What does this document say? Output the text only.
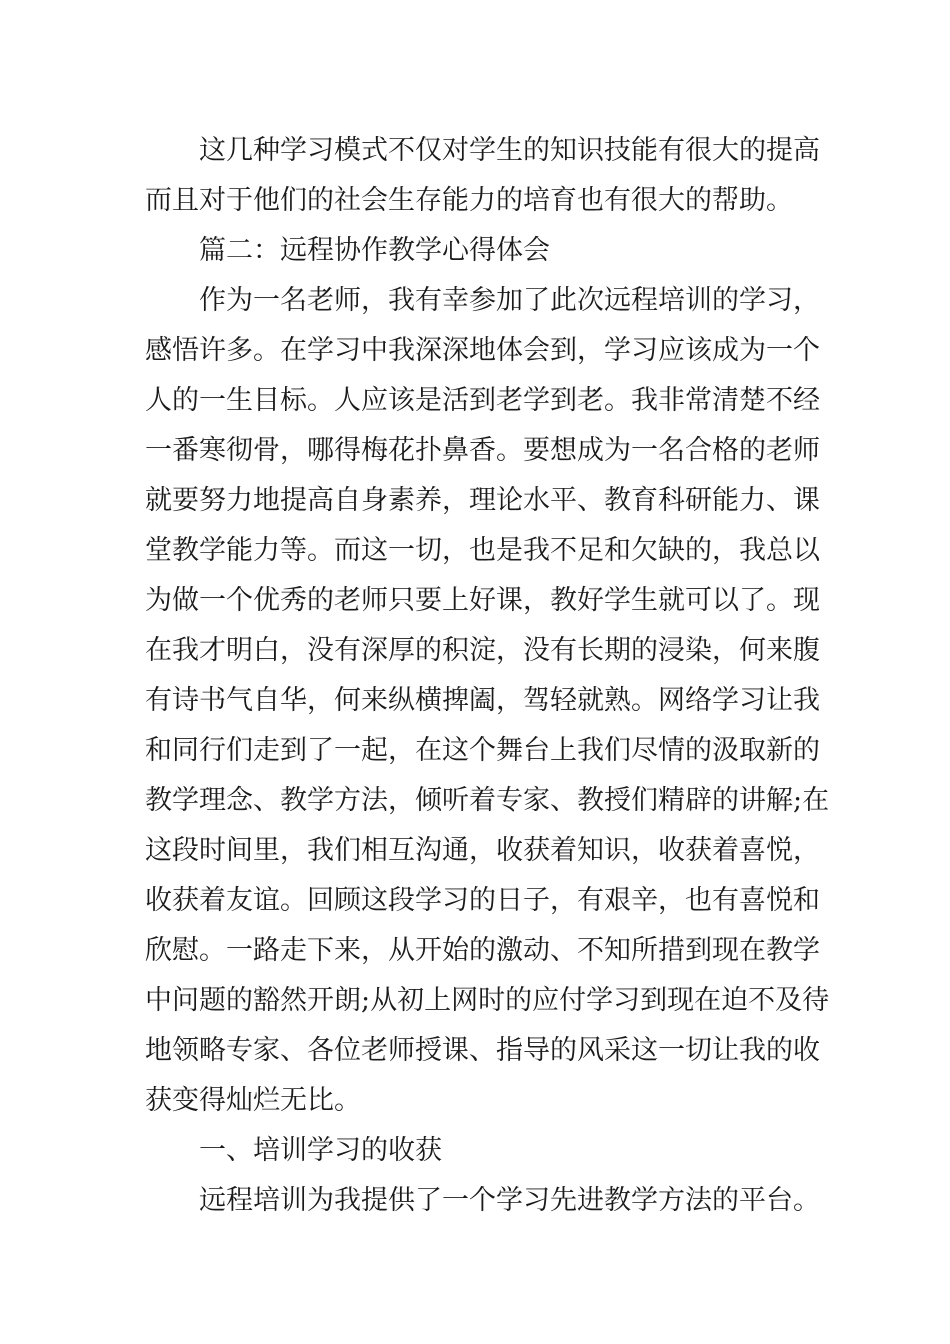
这几种学习模式不仅对学生的知识技能有很大的提高
而且对于他们的社会生存能力的培育也有很大的帮助。
篇二：远程协作教学心得体会
作为一名老师，我有幸参加了此次远程培训的学习，
感悟许多。在学习中我深深地体会到，学习应该成为一个
人的一生目标。人应该是活到老学到老。我非常清楚不经
一番寒彻骨，哪得梅花扑鼻香。要想成为一名合格的老师
就要努力地提高自身素养，理论水平、教育科研能力、课
堂教学能力等。而这一切，也是我不足和欠缺的，我总以
为做一个优秀的老师只要上好课，教好学生就可以了。现
在我才明白，没有深厚的积淀，没有长期的浸染，何来腹
有诗书气自华，何来纵横捭阖，驾轻就熟。网络学习让我
和同行们走到了一起，在这个舞台上我们尽情的汲取新的
教学理念、教学方法，倾听着专家、教授们精辟的讲解;在
这段时间里，我们相互沟通，收获着知识，收获着喜悦，
收获着友谊。回顾这段学习的日子，有艰辛，也有喜悦和
欣慰。一路走下来，从开始的激动、不知所措到现在教学
中问题的豁然开朗;从初上网时的应付学习到现在迫不及待
地领略专家、各位老师授课、指导的风采这一切让我的收
获变得灿烂无比。
一、培训学习的收获
远程培训为我提供了一个学习先进教学方法的平台。
